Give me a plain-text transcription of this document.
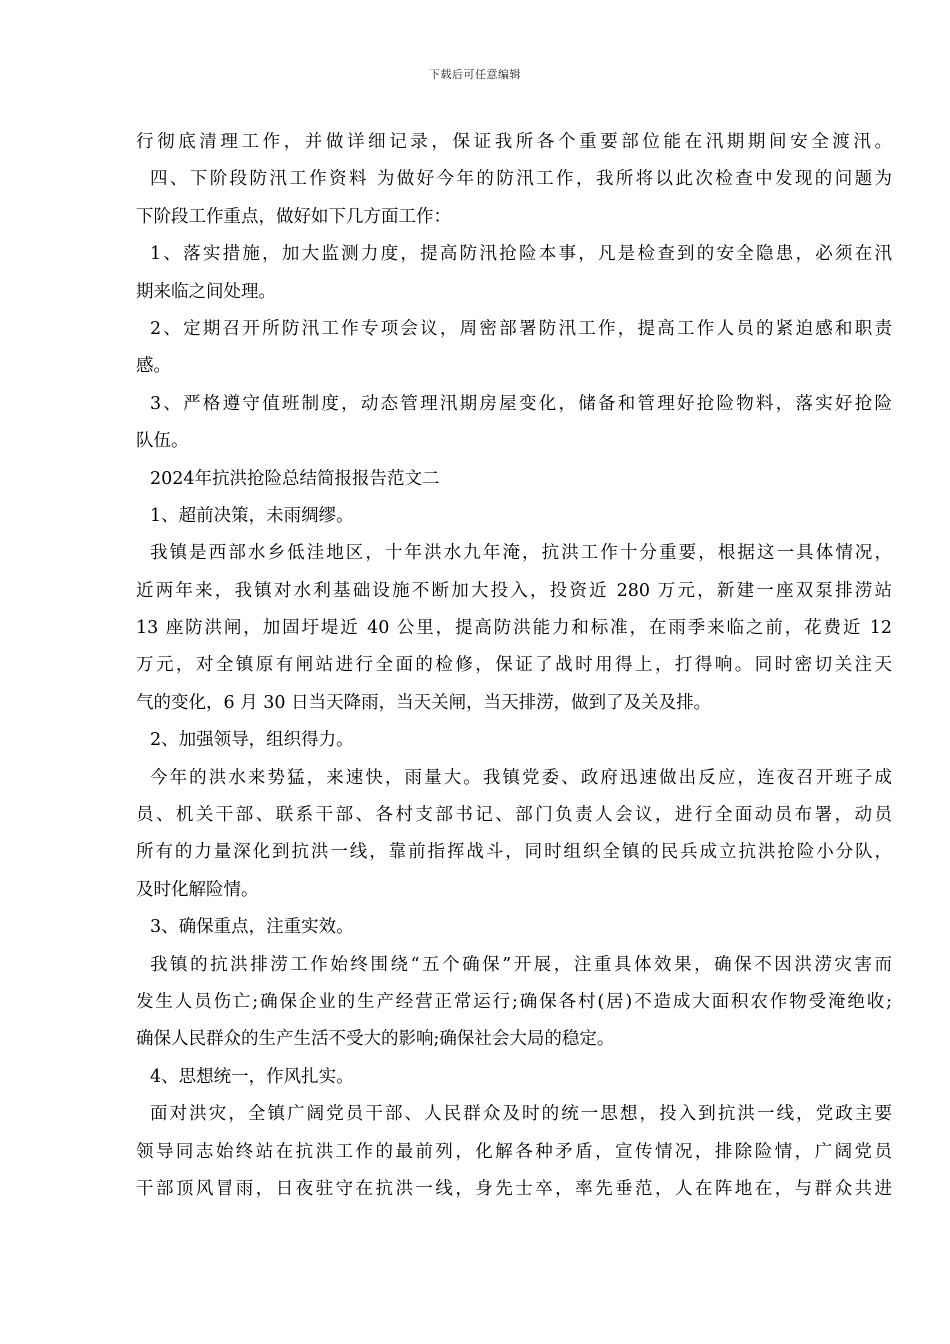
下载后可任意编辑
行彻底清理工作，并做详细记录，保证我所各个重要部位能在汛期期间安全渡汛。
四、下阶段防汛工作资料 为做好今年的防汛工作，我所将以此次检查中发现的问题为
下阶段工作重点，做好如下几方面工作：
1、落实措施，加大监测力度，提高防汛抢险本事，凡是检查到的安全隐患，必须在汛
期来临之间处理。
2、定期召开所防汛工作专项会议，周密部署防汛工作，提高工作人员的紧迫感和职责
感。
3、严格遵守值班制度，动态管理汛期房屋变化，储备和管理好抢险物料，落实好抢险
队伍。
2024年抗洪抢险总结简报报告范文二
1、超前决策，未雨绸缪。
我镇是西部水乡低洼地区，十年洪水九年淹，抗洪工作十分重要，根据这一具体情况，
近两年来，我镇对水利基础设施不断加大投入，投资近 280 万元，新建一座双泵排涝站
13 座防洪闸，加固圩堤近 40 公里，提高防洪能力和标准，在雨季来临之前，花费近 12
万元，对全镇原有闸站进行全面的检修，保证了战时用得上，打得响。同时密切关注天
气的变化，6 月 30 日当天降雨，当天关闸，当天排涝，做到了及关及排。
2、加强领导，组织得力。
今年的洪水来势猛，来速快，雨量大。我镇党委、政府迅速做出反应，连夜召开班子成
员、机关干部、联系干部、各村支部书记、部门负责人会议，进行全面动员布署，动员
所有的力量深化到抗洪一线，靠前指挥战斗，同时组织全镇的民兵成立抗洪抢险小分队，
及时化解险情。
3、确保重点，注重实效。
我镇的抗洪排涝工作始终围绕“五个确保”开展，注重具体效果，确保不因洪涝灾害而
发生人员伤亡;确保企业的生产经营正常运行;确保各村(居)不造成大面积农作物受淹绝收;
确保人民群众的生产生活不受大的影响;确保社会大局的稳定。
4、思想统一，作风扎实。
面对洪灾，全镇广阔党员干部、人民群众及时的统一思想，投入到抗洪一线，党政主要
领导同志始终站在抗洪工作的最前列，化解各种矛盾，宣传情况，排除险情，广阔党员
干部顶风冒雨，日夜驻守在抗洪一线，身先士卒，率先垂范，人在阵地在，与群众共进
